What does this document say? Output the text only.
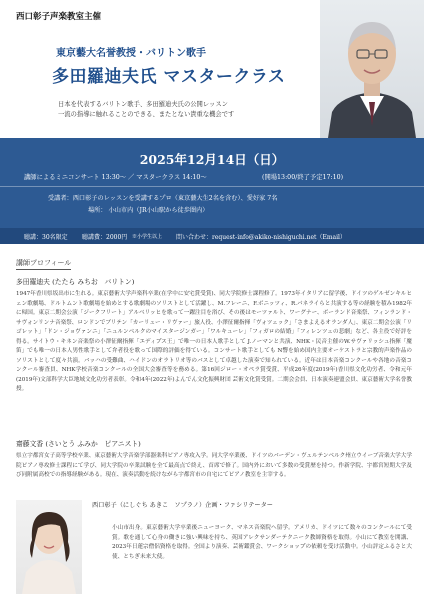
西口彰子声楽教室主催
東京藝大名誉教授・バリトン歌手
多田羅迪夫氏 マスタークラス
日本を代表するバリトン歌手、多田羅迪夫氏の公開レッスン
一流の指導に触れることのできる、またとない貴重な機会です
2025年12月14日（日）
講師によるミニコンサート 13:30～ ／ マスタークラス 14:10～	(開場13:00/終了予定17:10)
受講者：西口彰子のレッスンを受講するプロ（東京藝大生2名を含む）、愛好家 7名
場所： 小山市内（JR小山駅から徒歩圏内）
聴講：30名限定 聴講費：2000円 ※小学生以上 問い合わせ：request-info@akiko-nishiguchi.net（Email）
講師プロフィール
多田羅迪夫 (たたら みちお　バリトン)

1947年香川県坂出市に生れる。東京藝術大学声楽科卒業(在学中に安宅賞受賞)、同大学院修士課程修了。1973年イタリアに留学後、ドイツのゲルゼンキルヒェン歌劇場、ドルトムント歌劇場を始めとする歌劇場のソリストとして活躍し、M.フレーニ、F.ボニッツィ、R.パネライらと共演する等の経験を積み1982年に帰国。東京二期会公演「ジークフリート」アルベリッヒを歌って一躍注目を浴び、その後はモーツァルト、ワーグナー、ボーランド音楽祭、フィンランド・サヴォンリンナ音楽祭、ロンドンでブリテン「カーリュー・リヴァー」旅人役、小澤征爾指揮「ヴォツェック」「さまよえるオランダ人」、東京二期会公演「リゴレット」「ドン・ジョヴァンニ」「ニュルンベルクのマイスタージンガー」「ワルキューレ」「フィガロの結婚」「フィレンツェの悲劇」など、各主役で好評を得る。サイトウ・キネン音楽祭の小澤征爾指揮「エディプス王」で唯一の日本人歌手として J.ノーマンと共演、NHK・民音主催のW.サヴァリッシュ指揮「魔笛」でも唯一の日本人男性歌手として弁者役を歌って国際的評価を得ている。コンサート歌手としても N響を始め国内主要オーケストラと宗教的声楽作品のソリストとして度々共演。バッハの受難曲、ハイドンのオラトリオ等のバスとして卓越した演奏で知られている。近年は日本音楽コンクールや各地の音楽コンクール審査員、NHK学校音楽コンクールの全国大会審査等を務める。第16回ジロー・オペラ賞受賞、平成26年度(2019年)香川県文化功労者、令和元年(2019年)文部科学大臣地域文化功労者表彰。令和4年(2022年)よんでん文化振興財団 芸術文化賞受賞。二期会会員、日本演奏連盟会員、東京藝術大学名誉教授。

齋藤文香 (さいとう ふみか　ピアニスト)

県立宇都宮女子高等学校卒業、東京藝術大学音楽学部器楽科ピアノ専攻入学。同大学卒業後、ドイツのバーデン・ヴュルテンベルク州立ウイーブ音楽大学大学院ピアノ専攻修士課程にて学び、同大学院の卒業試験を全て最高点で終え、首席で修了。国内外において多数の受賞歴を持つ。作新学院、宇都宮短期大学及び同附属高校での指導経験がある。現在、演奏活動を続けながら宇都宮市の自宅にてピアノ教室を主宰する。

西口彰子（にしぐち あきこ　ソプラノ）企画・ファシリテーター

小山市出身。東京藝術大学卒業後ニューヨーク、マネス音楽院へ留学。アメリカ、ドイツにて数々のコンクールにて受賞。歌を通して心身の働きに強い興味を持ち、英国アレクサンダーテクニーク教師資格を取得。小山にて教室を開講、2023年日蓮宗僧侶資格を取得。全国より演奏、芸術鑑賞会、ワークショップの依頼を受け活動中。小山評定ふるさと大使、とちぎ未来大使。
